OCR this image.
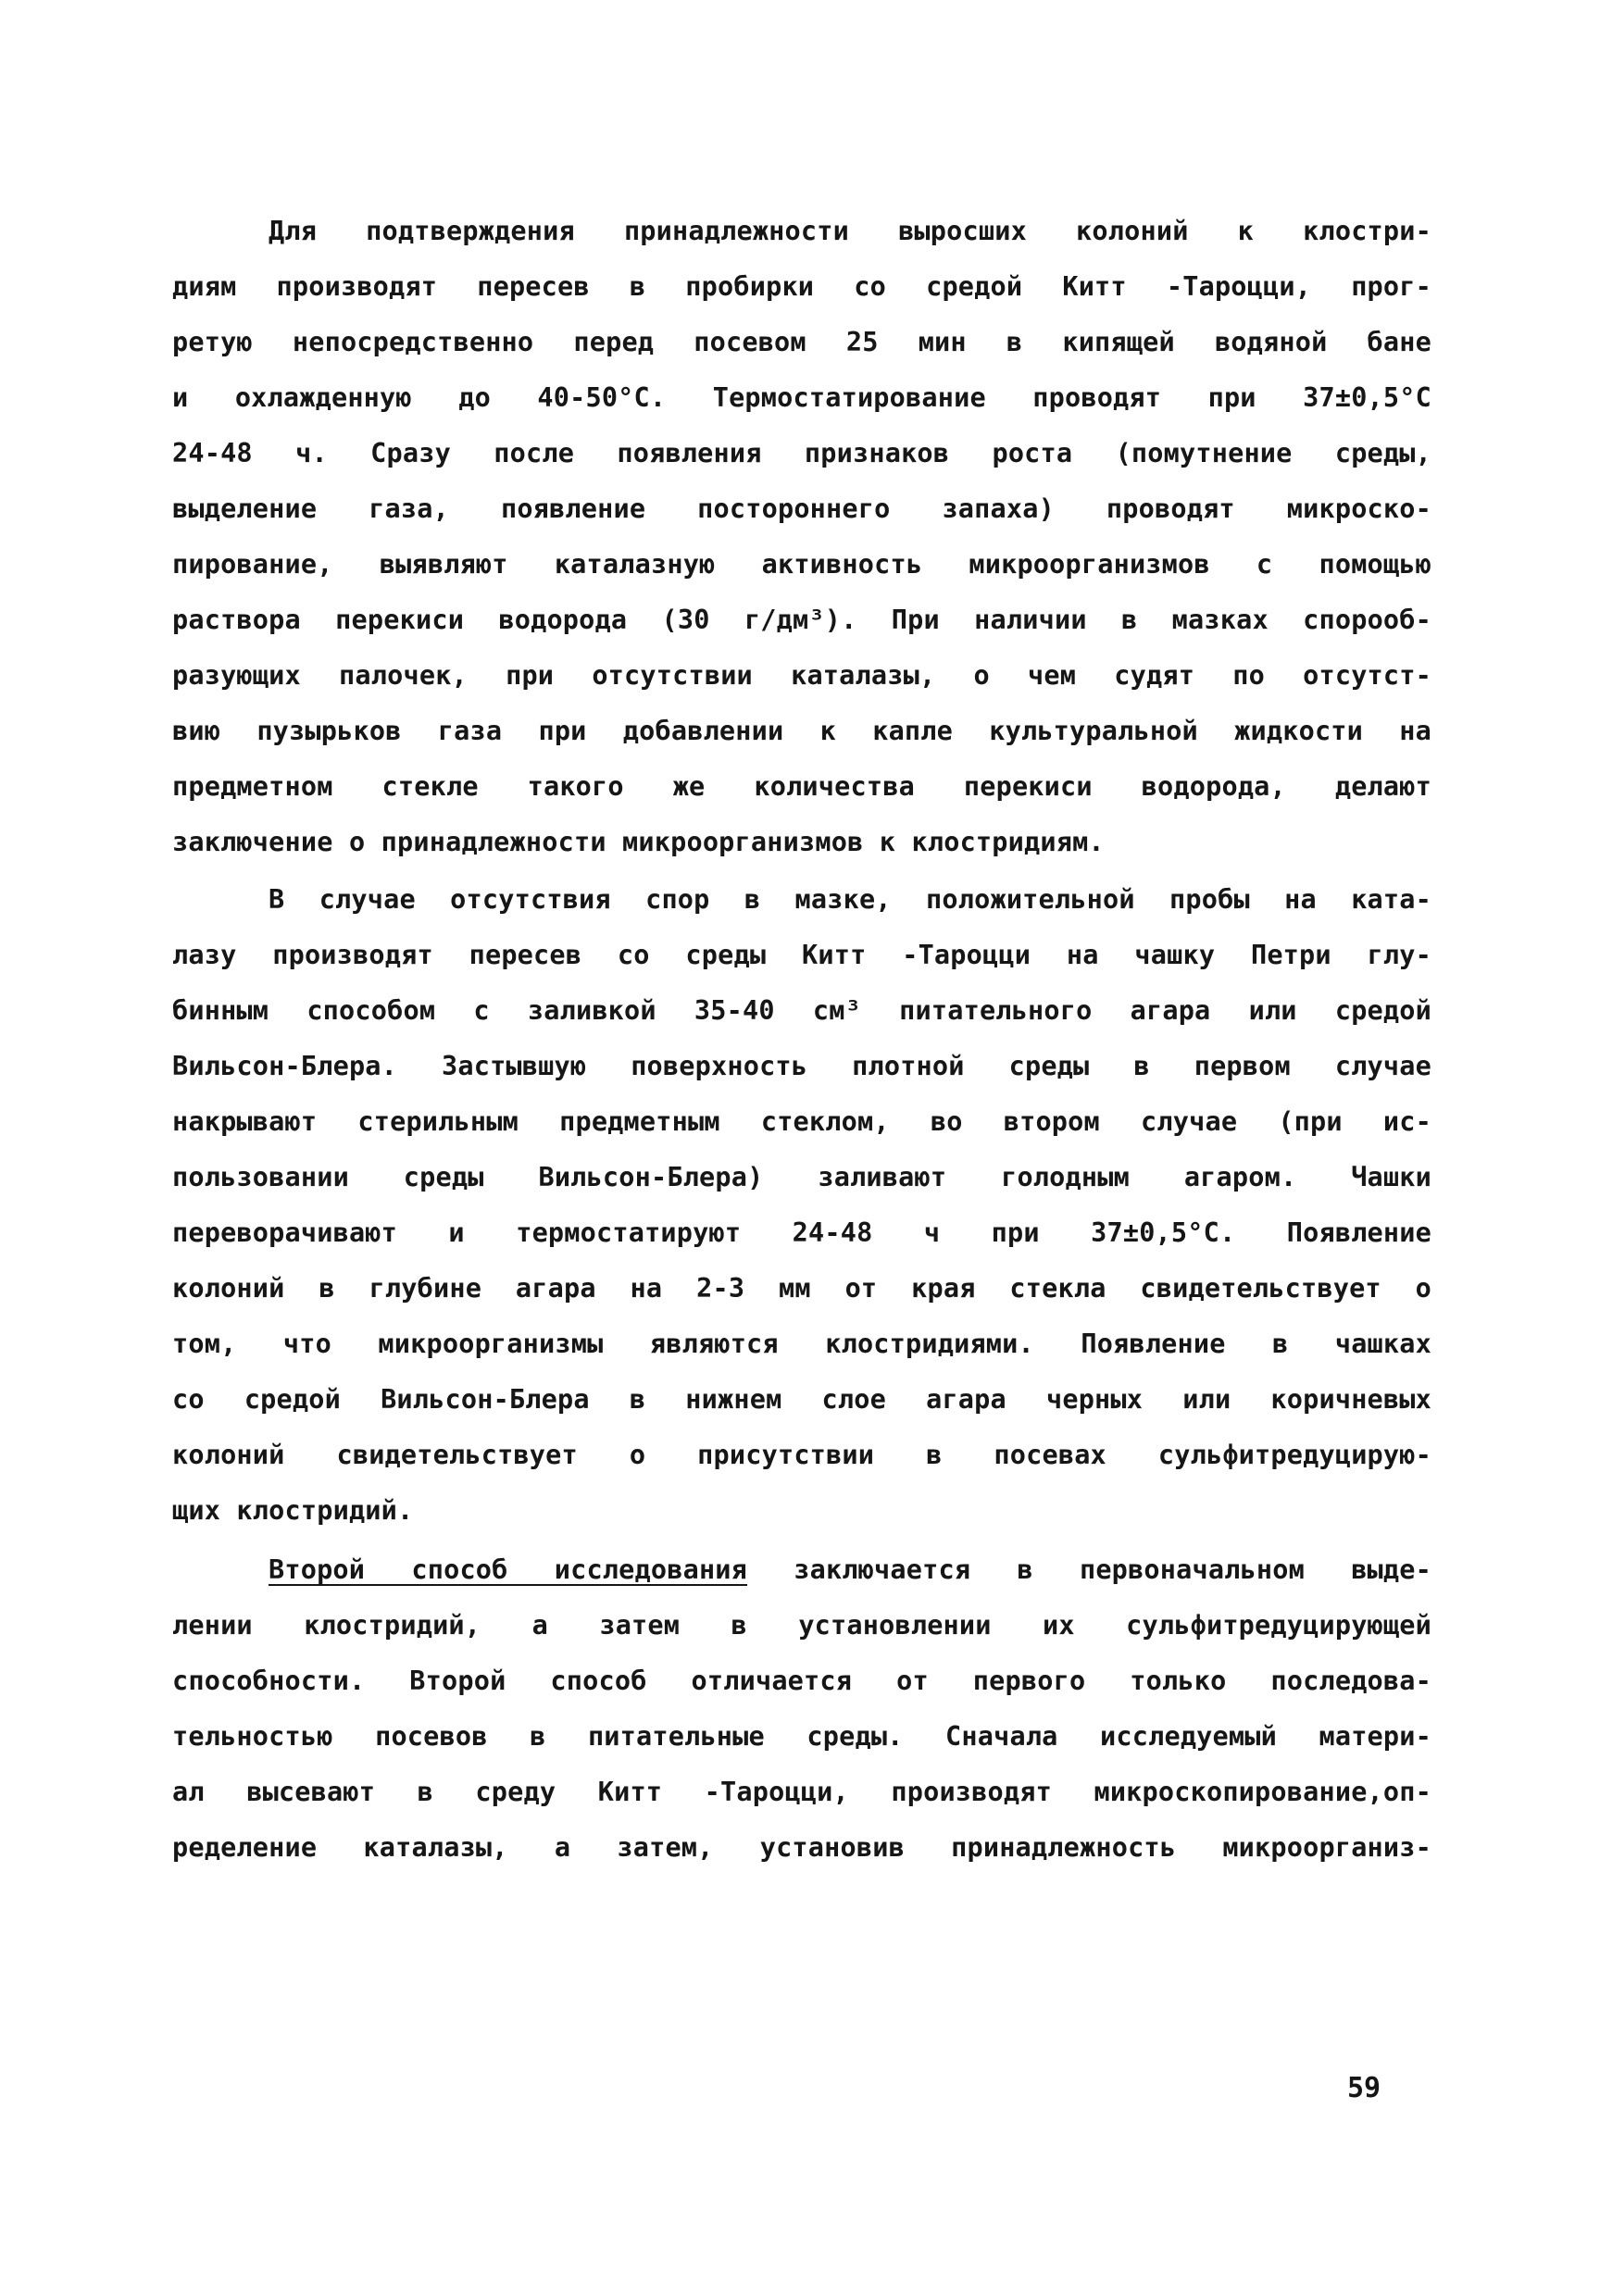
Для подтверждения принадлежности выросших колоний к клостри-
диям производят пересев в пробирки со средой Китт -Тароцци, прог-
ретую непосредственно перед посевом 25 мин в кипящей водяной бане
и охлажденную до 40-50°С. Термостатирование проводят при 37±0,5°С
24-48 ч. Сразу после появления признаков роста (помутнение среды,
выделение газа, появление постороннего запаха) проводят микроско-
пирование, выявляют каталазную активность микроорганизмов с помощью
раствора перекиси водорода (30 г/дм³). При наличии в мазках спорооб-
разующих палочек, при отсутствии каталазы, о чем судят по отсутст-
вию пузырьков газа при добавлении к капле культуральной жидкости на
предметном стекле такого же количества перекиси водорода, делают
заключение о принадлежности микроорганизмов к клостридиям.
В случае отсутствия спор в мазке, положительной пробы на ката-
лазу производят пересев со среды Китт -Тароцци на чашку Петри глу-
бинным способом с заливкой 35-40 см³ питательного агара или средой
Вильсон-Блера. Застывшую поверхность плотной среды в первом случае
накрывают стерильным предметным стеклом, во втором случае (при ис-
пользовании среды Вильсон-Блера) заливают голодным агаром. Чашки
переворачивают и термостатируют 24-48 ч при 37±0,5°С. Появление
колоний в глубине агара на 2-3 мм от края стекла свидетельствует о
том, что микроорганизмы являются клостридиями. Появление в чашках
со средой Вильсон-Блера в нижнем слое агара черных или коричневых
колоний свидетельствует о присутствии в посевах сульфитредуцирую-
щих клостридий.
Второй способ исследования заключается в первоначальном выде-
лении клостридий, а затем в установлении их сульфитредуцирующей
способности. Второй способ отличается от первого только последова-
тельностью посевов в питательные среды. Сначала исследуемый матери-
ал высевают в среду Китт -Тароцци, производят микроскопирование,оп-
ределение каталазы, а затем, установив принадлежность микроорганиз-
59
